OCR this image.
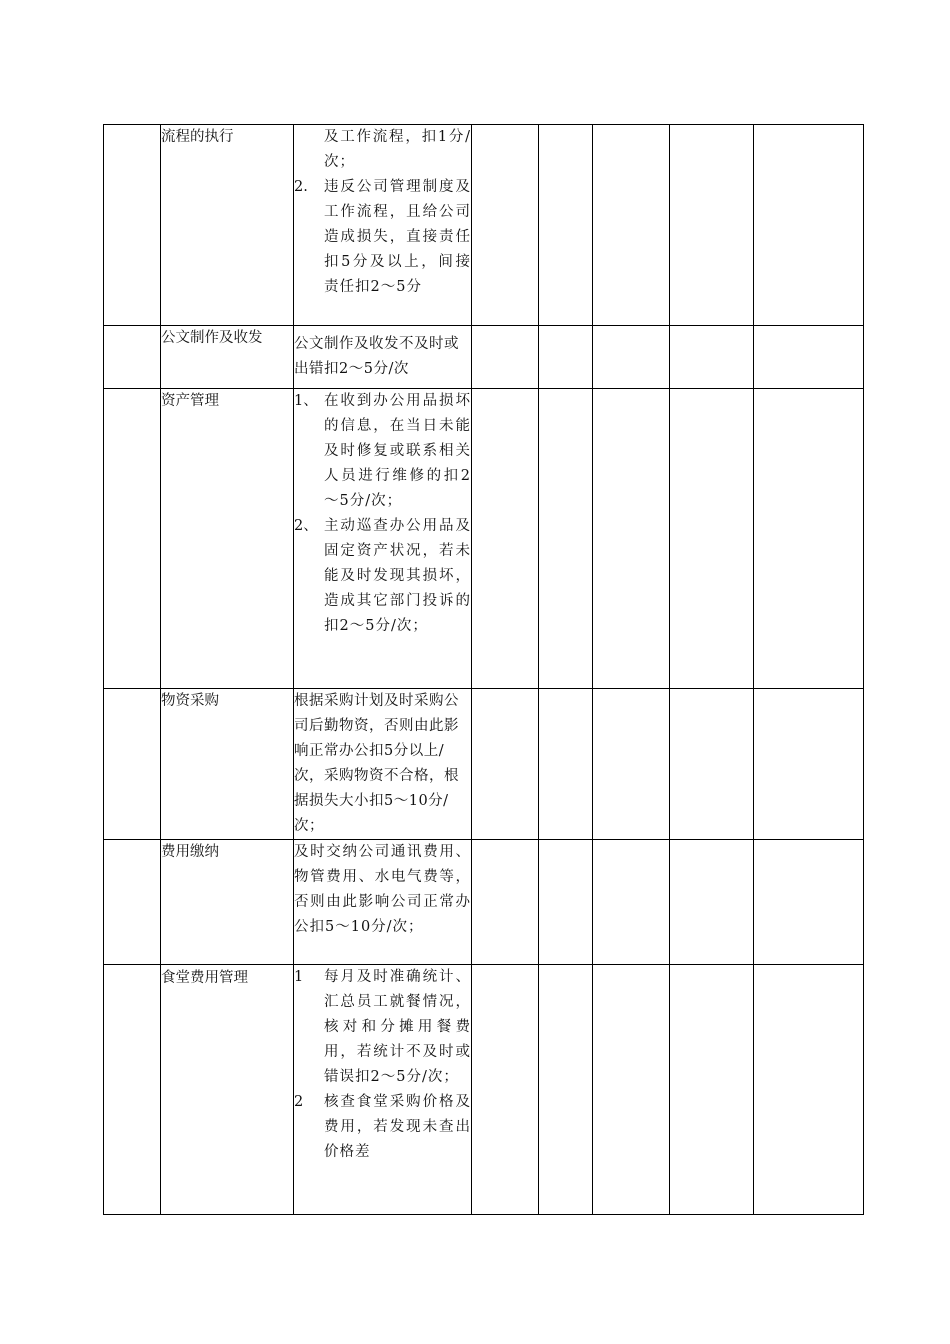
	流程的执行	及工作流程，扣1分/次；
2. 违反公司管理制度及工作流程，且给公司造成损失，直接责任扣5分及以上，间接责任扣2～5分					

	公文制作及收发	公文制作及收发不及时或出错扣2～5分/次					

	资产管理	1、 在收到办公用品损坏的信息，在当日未能及时修复或联系相关人员进行维修的扣2～5分/次；
2、 主动巡查办公用品及固定资产状况，若未能及时发现其损坏，造成其它部门投诉的扣2～5分/次；					

	物资采购	根据采购计划及时采购公司后勤物资，否则由此影响正常办公扣5分以上/次，采购物资不合格，根据损失大小扣5～10分/次；					

	费用缴纳	及时交纳公司通讯费用、物管费用、水电气费等，否则由此影响公司正常办公扣5～10分/次；					

	食堂费用管理	1 每月及时准确统计、汇总员工就餐情况，核对和分摊用餐费用，若统计不及时或错误扣2～5分/次；
2 核查食堂采购价格及费用，若发现未查出价格差					
